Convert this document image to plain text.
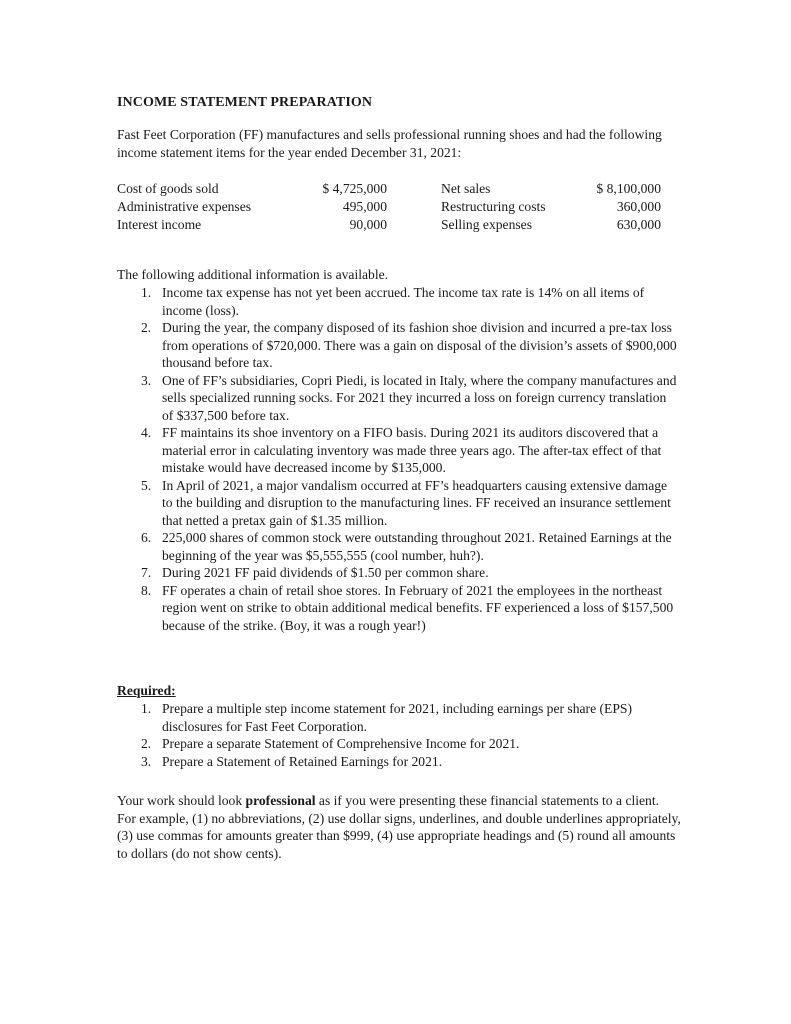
INCOME STATEMENT PREPARATION
Fast Feet Corporation (FF) manufactures and sells professional running shoes and had the following income statement items for the year ended December 31, 2021:
Cost of goods sold	$ 4,725,000	Net sales	$ 8,100,000
Administrative expenses	495,000	Restructuring costs	360,000
Interest income	90,000	Selling expenses	630,000
The following additional information is available.
1. Income tax expense has not yet been accrued. The income tax rate is 14% on all items of income (loss).
2. During the year, the company disposed of its fashion shoe division and incurred a pre-tax loss from operations of $720,000. There was a gain on disposal of the division’s assets of $900,000 thousand before tax.
3. One of FF’s subsidiaries, Copri Piedi, is located in Italy, where the company manufactures and sells specialized running socks. For 2021 they incurred a loss on foreign currency translation of $337,500 before tax.
4. FF maintains its shoe inventory on a FIFO basis. During 2021 its auditors discovered that a material error in calculating inventory was made three years ago. The after-tax effect of that mistake would have decreased income by $135,000.
5. In April of 2021, a major vandalism occurred at FF’s headquarters causing extensive damage to the building and disruption to the manufacturing lines. FF received an insurance settlement that netted a pretax gain of $1.35 million.
6. 225,000 shares of common stock were outstanding throughout 2021. Retained Earnings at the beginning of the year was $5,555,555 (cool number, huh?).
7. During 2021 FF paid dividends of $1.50 per common share.
8. FF operates a chain of retail shoe stores. In February of 2021 the employees in the northeast region went on strike to obtain additional medical benefits. FF experienced a loss of $157,500 because of the strike. (Boy, it was a rough year!)
Required:
1. Prepare a multiple step income statement for 2021, including earnings per share (EPS) disclosures for Fast Feet Corporation.
2. Prepare a separate Statement of Comprehensive Income for 2021.
3. Prepare a Statement of Retained Earnings for 2021.
Your work should look professional as if you were presenting these financial statements to a client. For example, (1) no abbreviations, (2) use dollar signs, underlines, and double underlines appropriately, (3) use commas for amounts greater than $999, (4) use appropriate headings and (5) round all amounts to dollars (do not show cents).
